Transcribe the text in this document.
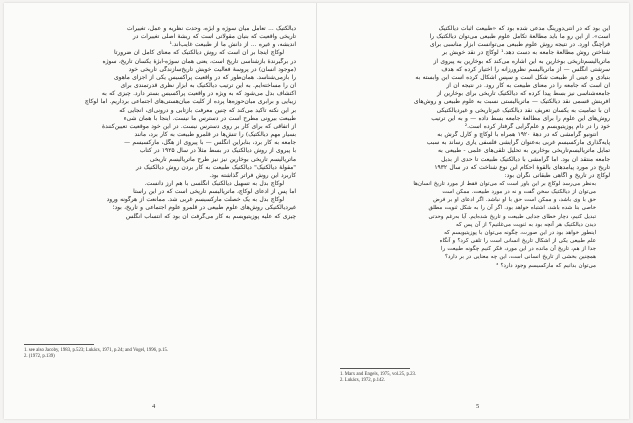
دیالکتیک ... تعامل میان سوژه و ابژه، وحدت نظریه و عمل، تغییرات

تاریخی واقعیت که بنیان مقولاتی است که ریشهٔ اصلی تغییرات در

اندیشه، و غیره ... از دانش ما از طبیعت غایب‌اند.¹

لوکاچ اینجا بر آن است که روش دیالکتیک که معنای کامل آن ضرورتاً

در برگیرندهٔ بازشناسی تاریخ است، یعنی همان سوژه-ابژهٔ یکسان تاریخ، سوژه

(موجود انسان) در پروسهٔ فعالیت خویش تاریخ‌سازندگی تاریخی خود

را بازمی‌شناسد. همان‌طور که در واقعیت پراکسیس یکی از اجزای ماهوی

آن را مساخته‌ایم. به این ترتیب دیالکتیک به ابزار نظری قدرتمندی برای

اکتشاف بدل می‌شود که به ویژه در واقعیت پراکسیس بستر دارد. چیزی که به

زیبایی و برابری میان‌حوزه‌ها پرده از کلیت میان‌هستی‌های اجتماعی برداریم. اما لوکاچ

بر این نکته تأکید می‌کند که چنین معرفت بازتابی و درونی‌ای، آنجایی که

طبیعت بیرونی مطرح است در دسترس ما نیست. اینجا با همان شی‌ء

از اتفاقی که برای کار بر روی دسترس نیست. در این خود موقعیت تعیین‌کنندهٔ

بسیار مهم دیالکتیک) را تنش‌ها در قلمرو طبیعت به کار برد، مانند

جامعه به کار برد، بنابراین انگلس — با پیروی از هگل، مارکسیسم —

با پیروی از روش دیالکتیک در بسط مثلاً در سال ۱۹۲۵ در کتاب

ماتریالیسم تاریخی بوخارین نیز نیز طرح ماتریالیسم تاریخی

"مقولهٔ دیالکتیک" دیالکتیک طبیعت به کار بردن روش دیالکتیک در

کاربرد این روش فراتر گذاشته بود.

لوکاچ بدل به تسهیل دیالکتیک انگلسی با هم ارز دانست.

اما پس از ادعای لوکاچ، ماتریالیسم تاریخی است که در این راستا

لوکاچ بدل به یک خصلت مارکسیسم غربی شد. ممانعت از هرگونه ورود

غیردیالکتیکی روش‌های علوم طبیعی در قلمرو علوم اجتماعی و تاریخ، بود؛

چیزی که علیه پوزیتیویسم به کار می‌گرفت آن بود که انتساب انگلس

1. see also Jacoby, 1983, p.523; Lukács, 1971, p.24; and Vogel, 1996, p.15.
2. (1972, p.139)
4

این بود که در آنتی‌دورینگ مدعی شده بود که «طبیعت اثبات دیالکتیک

است». از این رو ما باید مطالعهٔ تکامل علوم طبیعی می‌توان دیالکتیک را

فراچنگ آورد. در نتیجه روش علوم طبیعی می‌توانست ابزار مناسبی برای

شناختن روش مطالعهٔ جامعه به دست دهد.¹ لوکاچ در نقد خویش بر

ماتریالیسم‌تاریخی بوخارین به این اشاره می‌کند که بوخارین به پیروی از

سرشتی انگلس — از ماتریالیسم نظرورزانه را اختیار کرده که هدف

بنیادی و عینی از طبیعت شکل است و سپس اشکال کرده است این وابسته به

آن است که جامعه را در معنای طبیعت به کار رود. در نتیجه آن از

جامعه‌شناسی نیز بسط پیدا کرده که دیالکتیک تاریخی برای بوخارین از

آفرینش قسمی نقد دیالکتیک — ماتریالیستی نسبت به علوم طبیعی و روش‌های

آن با تمامیت به یکسان تعریف نقد دیالکتیک غیرتاریخی و غیردیالکتیکی

روش‌های این علوم را برای مطالعهٔ جامعه بسط داده — و به این ترتیب

خود را در دام پوزیتیویسم و علم‌گرایی گرفتار کرده است.²

آنتونیو گرامشی که در دههٔ ۱۹۲۰ همراه با لوکاچ و کارل گرش به

پایه‌گذاری مارکسیسم غربی به‌عنوان گرایشی فلسفی یاری رساند به سبب

تمایل ماتریالیسم‌تاریخی بوخارین به تحلیل تلقی‌های علمی - طبیعی به

جامعه منتقد آن بود. اما گرامشی با دیالکتیک طبیعت تا حدی از بدیل

تاریخ در مورد پیامدهای بالقوهٔ احکام این نوع شناخت که در سال ۱۹۳۲

لوکاچ در تاریخ و آگاهی طبقاتی نگران بود:

به‌نظر می‌رسد لوکاچ بر این باور است که می‌توان فقط از مورد تاریخ انسان‌ها

می‌توان از دیالکتیک سخن گفت و نه در مورد طبیعت. ممکن است

حق با وی باشد، و ممکن است حق با او نباشد. اگر ادعای او بر فرض

خاصی بنا شده باشد، اشتباه خواهد بود. اگر آن را به شکل ثنویت مطلق

تبدیل کنیم، دچار خطای جدایی طبیعت و تاریخ شده‌ایم. آیا به‌رغم وحدتی

دیدن دیالکتیک هر آنچه بود به ثنویت می‌غلتیم؟ از آن پس که

اینطور خواهد بود در این صورت، چگونه می‌توان با پوزیتیویسم که

علم طبیعی یکی از اشکال تاریخ انسانی است را تلقی کرد؟ و آنگاه

جدا از هم، تاریخ آن مانده در این مورد، فکر کنیم چگونه طبیعت را

همچنین بخشی از تاریخ انسانی است، این چه معنایی در بر دارد؟

می‌توان بدانیم که مارکسیسم وجود دارد؟ ³

1. Marx and Engels, 1975, vol.25, p.23.
2. Lukács, 1972, p.142.
5
